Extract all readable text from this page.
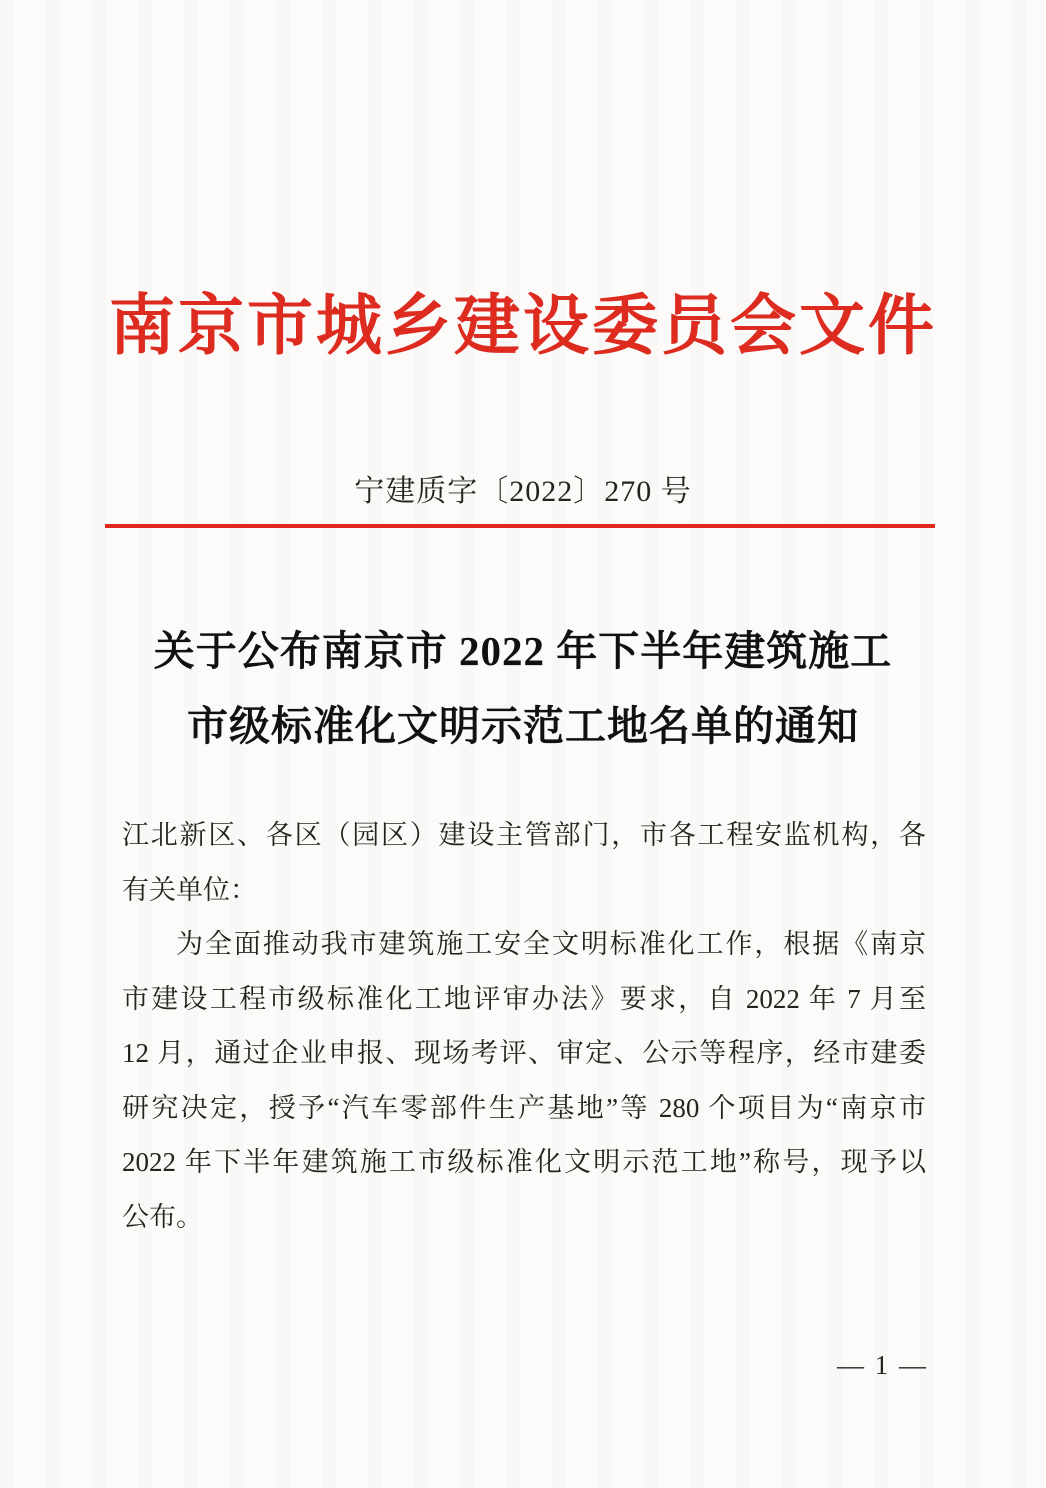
南京市城乡建设委员会文件
宁建质字〔2022〕270 号
关于公布南京市 2022 年下半年建筑施工
市级标准化文明示范工地名单的通知
江北新区、各区（园区）建设主管部门，市各工程安监机构，各
有关单位：
为全面推动我市建筑施工安全文明标准化工作，根据《南京
市建设工程市级标准化工地评审办法》要求，自 2022 年 7 月至
12 月，通过企业申报、现场考评、审定、公示等程序，经市建委
研究决定，授予“汽车零部件生产基地”等 280 个项目为“南京市
2022 年下半年建筑施工市级标准化文明示范工地”称号，现予以
公布。
— 1 —
